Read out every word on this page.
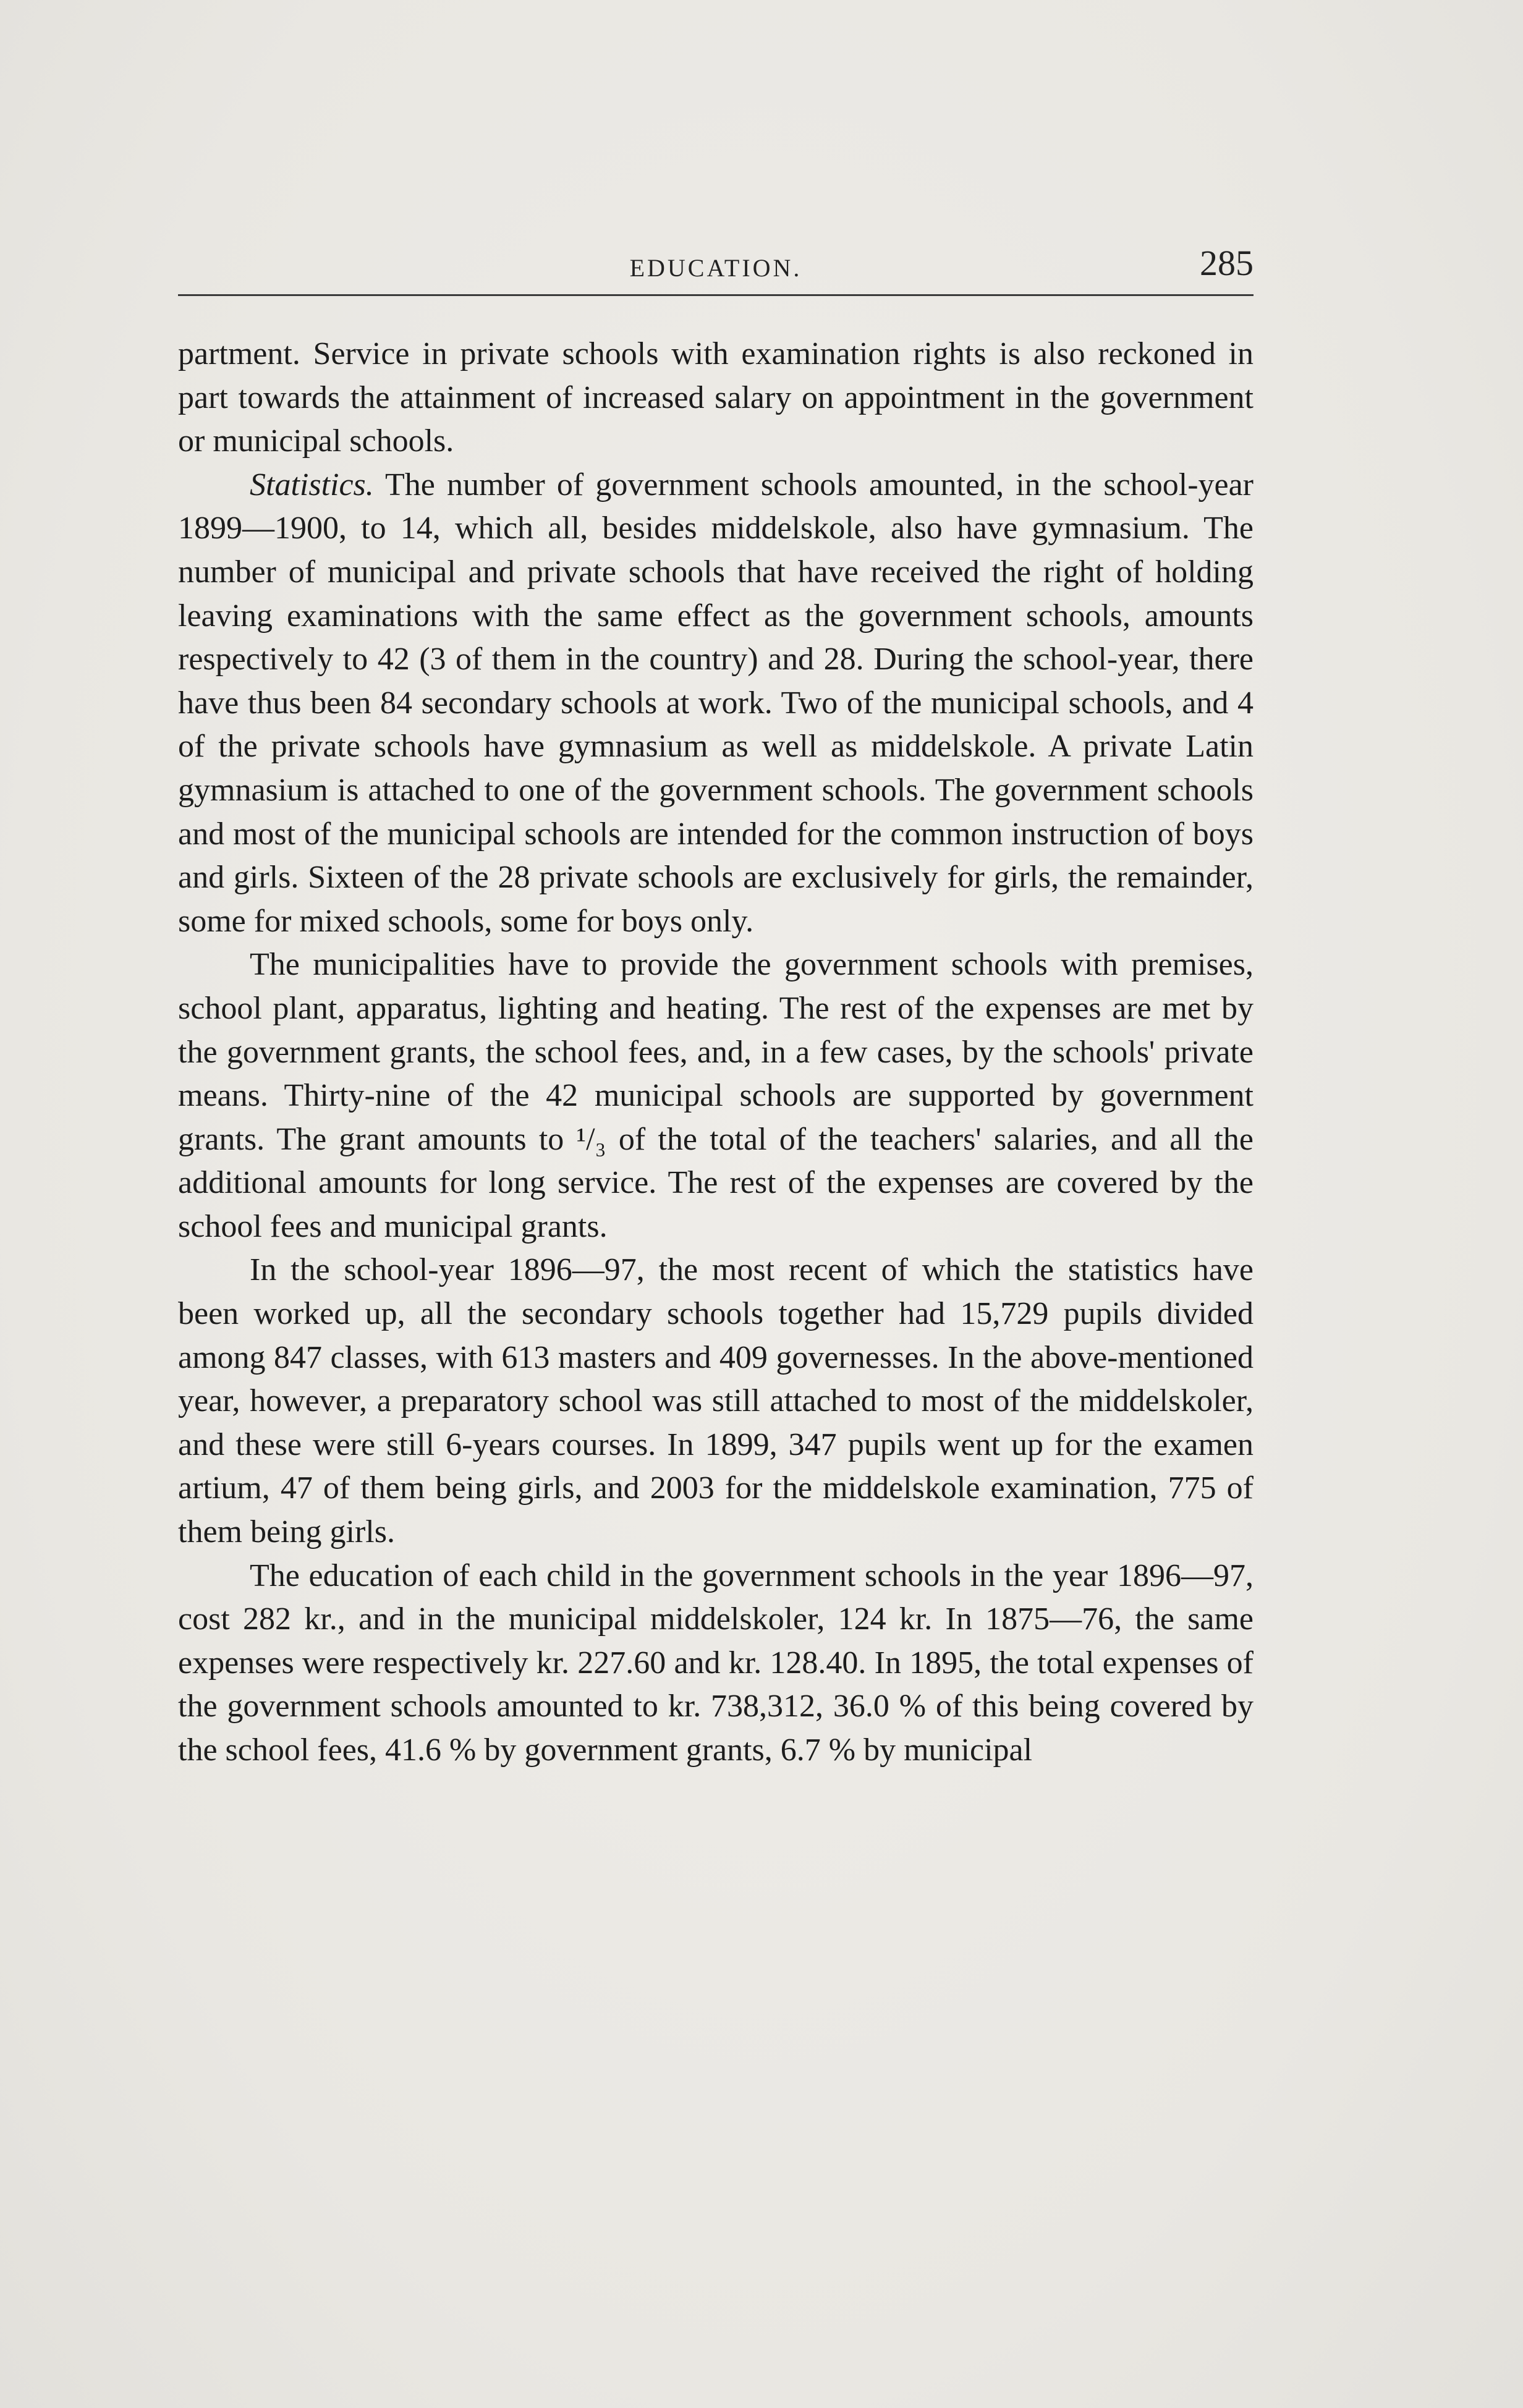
EDUCATION.	285

partment. Service in private schools with examination rights is also reckoned in part towards the attainment of increased salary on appointment in the government or municipal schools.

Statistics. The number of government schools amounted, in the school-year 1899—1900, to 14, which all, besides middelskole, also have gymnasium. The number of municipal and private schools that have received the right of holding leaving examinations with the same effect as the government schools, amounts respectively to 42 (3 of them in the country) and 28. During the school-year, there have thus been 84 secondary schools at work. Two of the municipal schools, and 4 of the private schools have gymnasium as well as middelskole. A private Latin gymnasium is attached to one of the government schools. The government schools and most of the municipal schools are intended for the common instruction of boys and girls. Sixteen of the 28 private schools are exclusively for girls, the remainder, some for mixed schools, some for boys only.

The municipalities have to provide the government schools with premises, school plant, apparatus, lighting and heating. The rest of the expenses are met by the government grants, the school fees, and, in a few cases, by the schools' private means. Thirty-nine of the 42 municipal schools are supported by government grants. The grant amounts to ¹/₃ of the total of the teachers' salaries, and all the additional amounts for long service. The rest of the expenses are covered by the school fees and municipal grants.

In the school-year 1896—97, the most recent of which the statistics have been worked up, all the secondary schools together had 15,729 pupils divided among 847 classes, with 613 masters and 409 governesses. In the above-mentioned year, however, a preparatory school was still attached to most of the middelskoler, and these were still 6-years courses. In 1899, 347 pupils went up for the examen artium, 47 of them being girls, and 2003 for the middelskole examination, 775 of them being girls.

The education of each child in the government schools in the year 1896—97, cost 282 kr., and in the municipal middelskoler, 124 kr. In 1875—76, the same expenses were respectively kr. 227.60 and kr. 128.40. In 1895, the total expenses of the government schools amounted to kr. 738,312, 36.0 % of this being covered by the school fees, 41.6 % by government grants, 6.7 % by municipal
